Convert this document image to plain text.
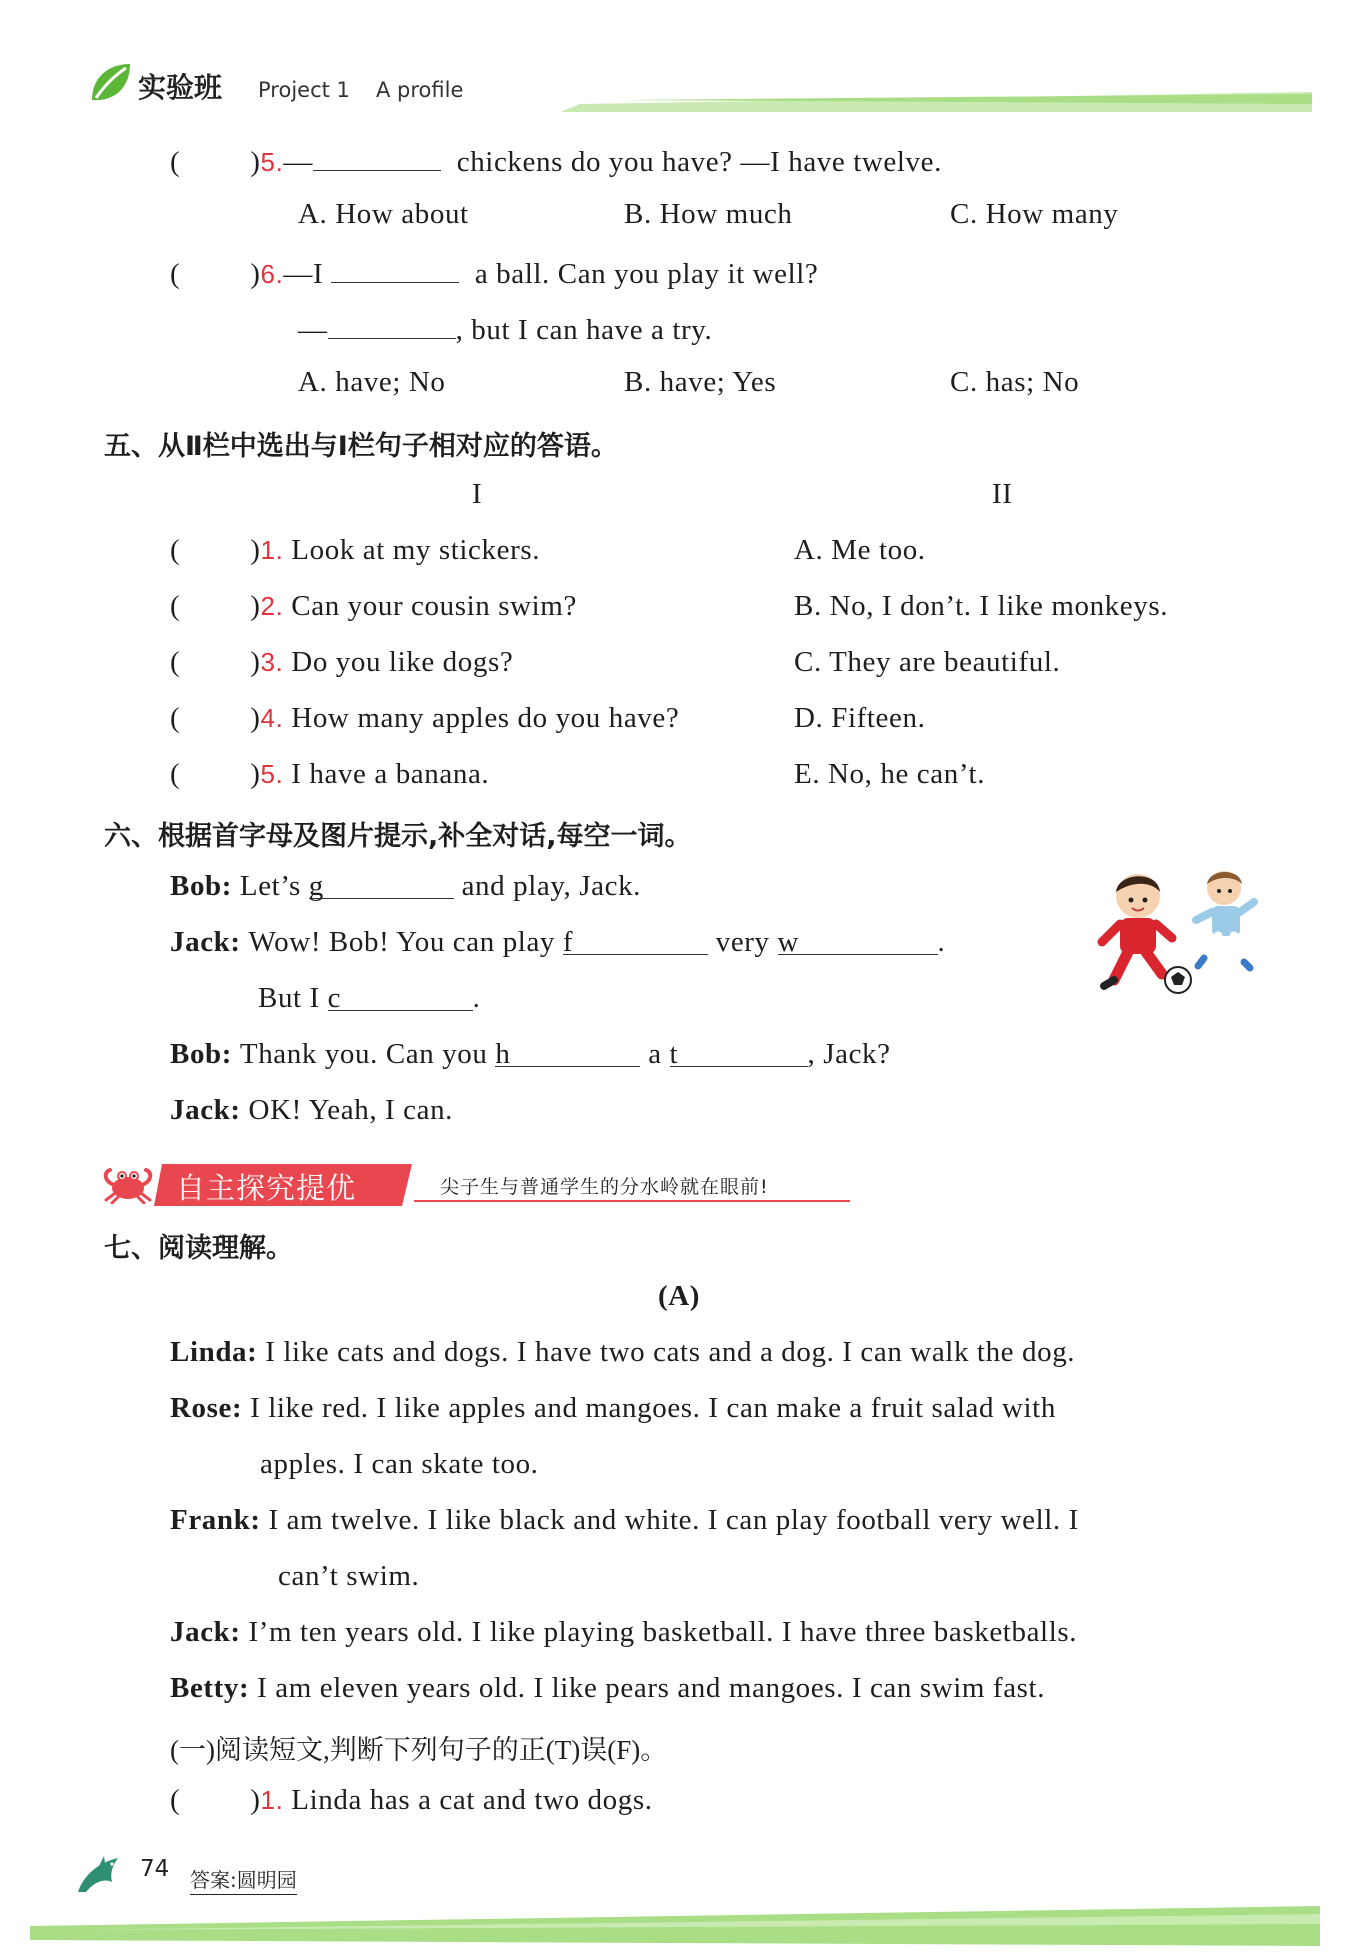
实验班 Project 1 A profile
( )5.—	chickens do you have? —I have twelve.
A. How about	B. How much	C. How many
( )6.—I	a ball. Can you play it well?
—	, but I can have a try.
A. have; No	B. have; Yes	C. has; No
五、从Ⅱ栏中选出与Ⅰ栏句子相对应的答语。
I	II
( )1. Look at my stickers.	A. Me too.
( )2. Can your cousin swim?	B. No, I don’t. I like monkeys.
( )3. Do you like dogs?	C. They are beautiful.
( )4. How many apples do you have?	D. Fifteen.
( )5. I have a banana.	E. No, he can’t.
六、根据首字母及图片提示,补全对话,每空一词。
Bob: Let’s g	and play, Jack.
Jack: Wow! Bob! You can play f	very w	.
But I c	.
Bob: Thank you. Can you h	a t	, Jack?
Jack: OK! Yeah, I can.
自主探究提优	尖子生与普通学生的分水岭就在眼前!
七、阅读理解。
(A)
Linda: I like cats and dogs. I have two cats and a dog. I can walk the dog.
Rose: I like red. I like apples and mangoes. I can make a fruit salad with
apples. I can skate too.
Frank: I am twelve. I like black and white. I can play football very well. I
can’t swim.
Jack: I’m ten years old. I like playing basketball. I have three basketballs.
Betty: I am eleven years old. I like pears and mangoes. I can swim fast.
(一)阅读短文,判断下列句子的正(T)误(F)。
( )1. Linda has a cat and two dogs.
74 答案:圆明园
